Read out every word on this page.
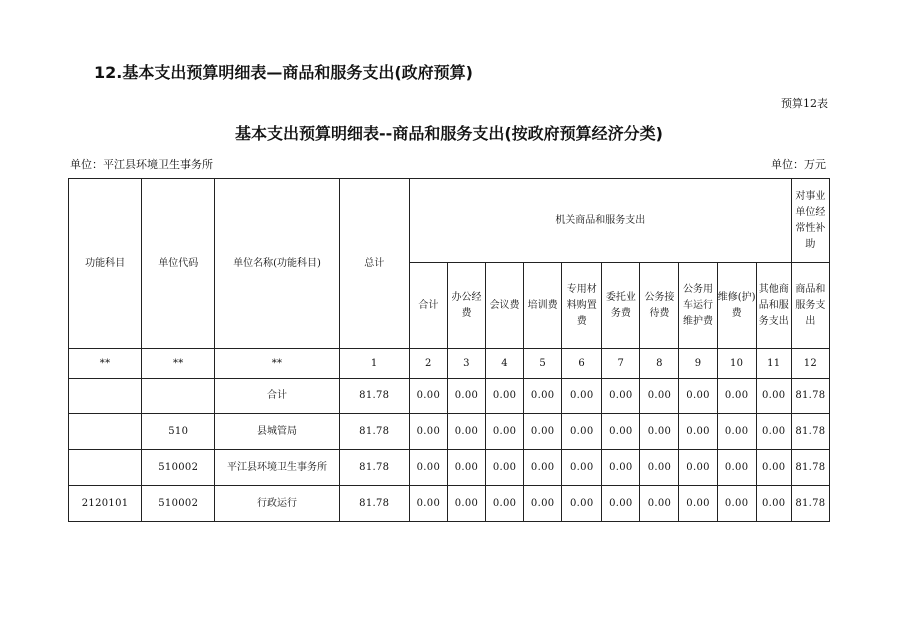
12.基本支出预算明细表—商品和服务支出(政府预算)
预算12表
基本支出预算明细表--商品和服务支出(按政府预算经济分类)
单位：平江县环境卫生事务所	单位：万元
功能科目	单位代码	单位名称(功能科目)	总计	机关商品和服务支出										对事业单位经常性补助
				合计	办公经费	会议费	培训费	专用材料购置费	委托业务费	公务接待费	公务用车运行维护费	维修(护)费	其他商品和服务支出	商品和服务支出
**	**	**	1	2	3	4	5	6	7	8	9	10	11	12
		合计	81.78	0.00	0.00	0.00	0.00	0.00	0.00	0.00	0.00	0.00	0.00	81.78
	510	县城管局	81.78	0.00	0.00	0.00	0.00	0.00	0.00	0.00	0.00	0.00	0.00	81.78
	510002	平江县环境卫生事务所	81.78	0.00	0.00	0.00	0.00	0.00	0.00	0.00	0.00	0.00	0.00	81.78
2120101	510002	行政运行	81.78	0.00	0.00	0.00	0.00	0.00	0.00	0.00	0.00	0.00	0.00	81.78
